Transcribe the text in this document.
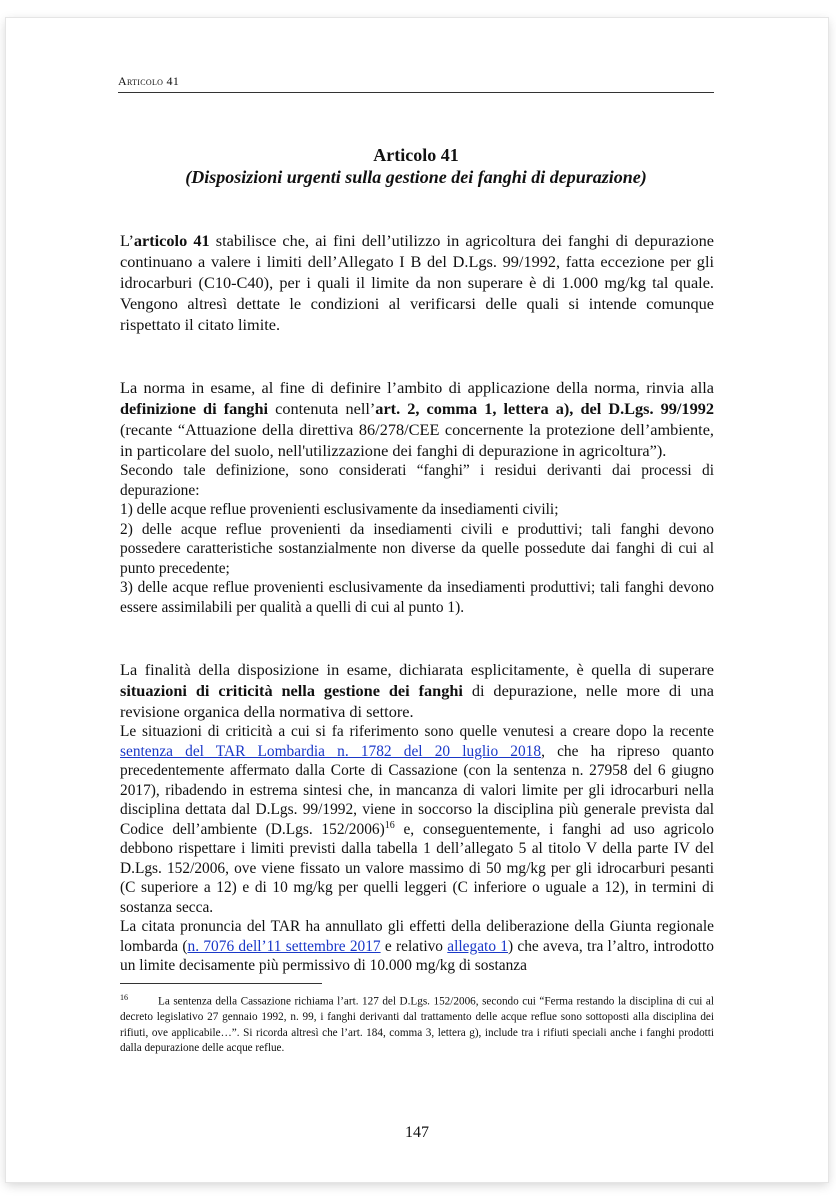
Articolo 41

Articolo 41

(Disposizioni urgenti sulla gestione dei fanghi di depurazione)

L’articolo 41 stabilisce che, ai fini dell’utilizzo in agricoltura dei fanghi di depurazione continuano a valere i limiti dell’Allegato I B del D.Lgs. 99/1992, fatta eccezione per gli idrocarburi (C10-C40), per i quali il limite da non superare è di 1.000 mg/kg tal quale. Vengono altresì dettate le condizioni al verificarsi delle quali si intende comunque rispettato il citato limite.

La norma in esame, al fine di definire l’ambito di applicazione della norma, rinvia alla definizione di fanghi contenuta nell’art. 2, comma 1, lettera a), del D.Lgs. 99/1992 (recante “Attuazione della direttiva 86/278/CEE concernente la protezione dell’ambiente, in particolare del suolo, nell'utilizzazione dei fanghi di depurazione in agricoltura”).

Secondo tale definizione, sono considerati “fanghi” i residui derivanti dai processi di depurazione:

1) delle acque reflue provenienti esclusivamente da insediamenti civili;

2) delle acque reflue provenienti da insediamenti civili e produttivi; tali fanghi devono possedere caratteristiche sostanzialmente non diverse da quelle possedute dai fanghi di cui al punto precedente;

3) delle acque reflue provenienti esclusivamente da insediamenti produttivi; tali fanghi devono essere assimilabili per qualità a quelli di cui al punto 1).

La finalità della disposizione in esame, dichiarata esplicitamente, è quella di superare situazioni di criticità nella gestione dei fanghi di depurazione, nelle more di una revisione organica della normativa di settore.

Le situazioni di criticità a cui si fa riferimento sono quelle venutesi a creare dopo la recente sentenza del TAR Lombardia n. 1782 del 20 luglio 2018, che ha ripreso quanto precedentemente affermato dalla Corte di Cassazione (con la sentenza n. 27958 del 6 giugno 2017), ribadendo in estrema sintesi che, in mancanza di valori limite per gli idrocarburi nella disciplina dettata dal D.Lgs. 99/1992, viene in soccorso la disciplina più generale prevista dal Codice dell’ambiente (D.Lgs. 152/2006)$^{16}$ e, conseguentemente, i fanghi ad uso agricolo debbono rispettare i limiti previsti dalla tabella 1 dell’allegato 5 al titolo V della parte IV del D.Lgs. 152/2006, ove viene fissato un valore massimo di 50 mg/kg per gli idrocarburi pesanti (C superiore a 12) e di 10 mg/kg per quelli leggeri (C inferiore o uguale a 12), in termini di sostanza secca.

La citata pronuncia del TAR ha annullato gli effetti della deliberazione della Giunta regionale lombarda (n. 7076 dell’11 settembre 2017 e relativo allegato 1) che aveva, tra l’altro, introdotto un limite decisamente più permissivo di 10.000 mg/kg di sostanza

$^{16}$	La sentenza della Cassazione richiama l’art. 127 del D.Lgs. 152/2006, secondo cui “Ferma restando la disciplina di cui al decreto legislativo 27 gennaio 1992, n. 99, i fanghi derivanti dal trattamento delle acque reflue sono sottoposti alla disciplina dei rifiuti, ove applicabile…”. Si ricorda altresì che l’art. 184, comma 3, lettera g), include tra i rifiuti speciali anche i fanghi prodotti dalla depurazione delle acque reflue.
147
